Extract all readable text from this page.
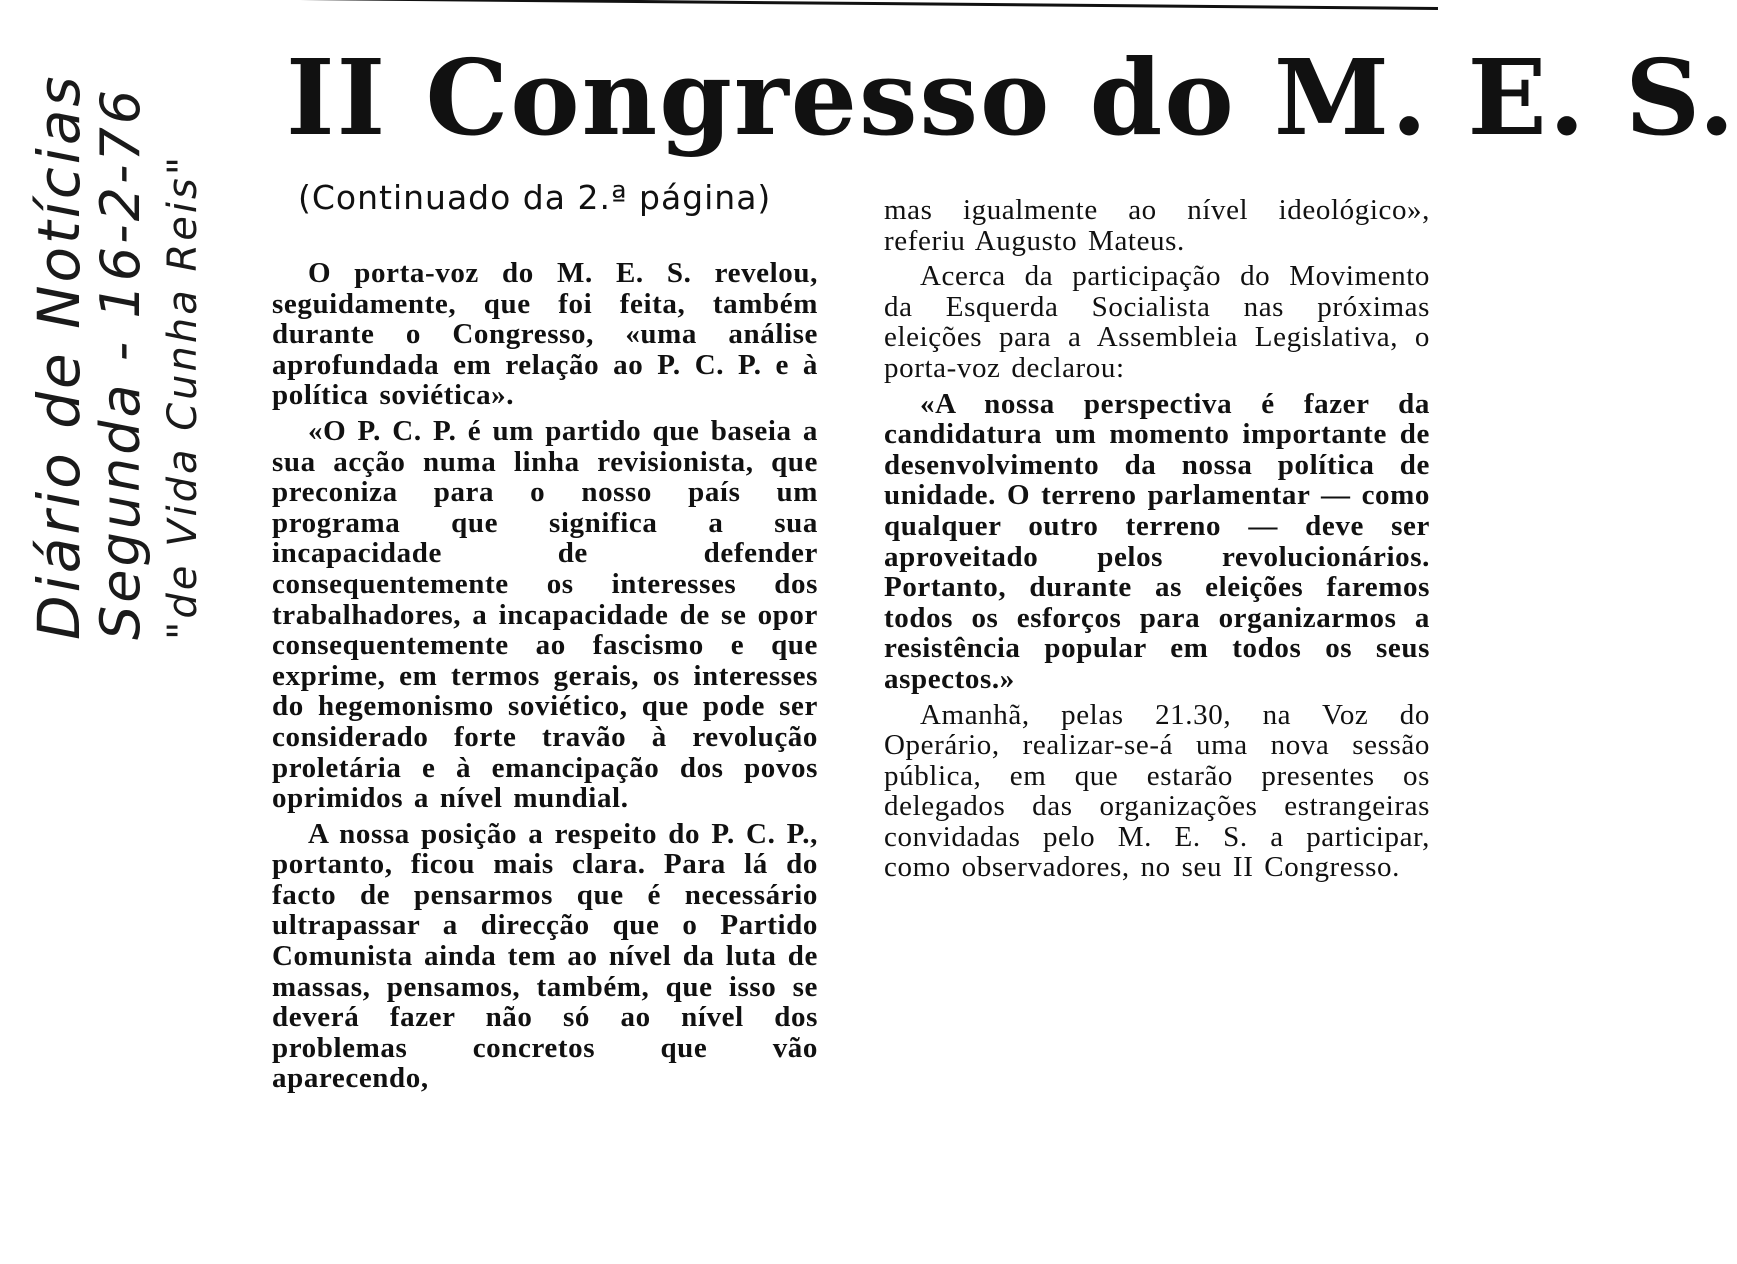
II Congresso do M. E. S.
(Continuado da 2.ª página)

O porta-voz do M. E. S. revelou, seguidamente, que foi feita, também durante o Congresso, «uma análise aprofundada em relação ao P. C. P. e à política soviética».

«O P. C. P. é um partido que baseia a sua acção numa linha revisionista, que preconiza para o nosso país um programa que significa a sua incapacidade de defender consequentemente os interesses dos trabalhadores, a incapacidade de se opor consequentemente ao fascismo e que exprime, em termos gerais, os interesses do hegemonismo soviético, que pode ser considerado forte travão à revolução proletária e à emancipação dos povos oprimidos a nível mundial.

A nossa posição a respeito do P. C. P., portanto, ficou mais clara. Para lá do facto de pensarmos que é necessário ultrapassar a direcção que o Partido Comunista ainda tem ao nível da luta de massas, pensamos, também, que isso se deverá fazer não só ao nível dos problemas concretos que vão aparecendo,

mas igualmente ao nível ideológico», referiu Augusto Mateus.

Acerca da participação do Movimento da Esquerda Socialista nas próximas eleições para a Assembleia Legislativa, o porta-voz declarou:

«A nossa perspectiva é fazer da candidatura um momento importante de desenvolvimento da nossa política de unidade. O terreno parlamentar — como qualquer outro terreno — deve ser aproveitado pelos revolucionários. Portanto, durante as eleições faremos todos os esforços para organizarmos a resistência popular em todos os seus aspectos.»

Amanhã, pelas 21.30, na Voz do Operário, realizar-se-á uma nova sessão pública, em que estarão presentes os delegados das organizações estrangeiras convidadas pelo M. E. S. a participar, como observadores, no seu II Congresso.

Diário de Notícias
Segunda - 16-2-76 "de Vida Cunha Reis"
